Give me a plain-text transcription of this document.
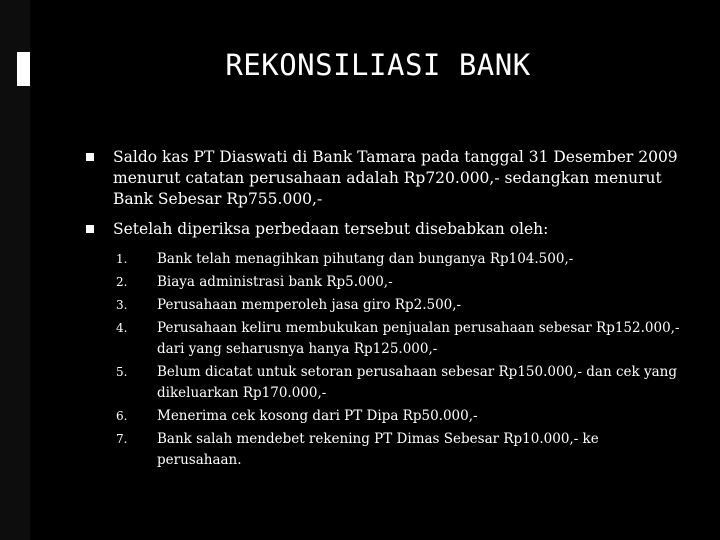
REKONSILIASI BANK
Saldo kas PT Diaswati di Bank Tamara pada tanggal 31 Desember 2009 menurut catatan perusahaan adalah Rp720.000,- sedangkan menurut Bank Sebesar Rp755.000,-
Setelah diperiksa perbedaan tersebut disebabkan oleh:
1. Bank telah menagihkan pihutang dan bunganya Rp104.500,-
2. Biaya administrasi bank Rp5.000,-
3. Perusahaan memperoleh jasa giro Rp2.500,-
4. Perusahaan keliru membukukan penjualan perusahaan sebesar Rp152.000,- dari yang seharusnya hanya Rp125.000,-
5. Belum dicatat untuk setoran perusahaan sebesar Rp150.000,- dan cek yang dikeluarkan Rp170.000,-
6. Menerima cek kosong dari PT Dipa Rp50.000,-
7. Bank salah mendebet rekening PT Dimas Sebesar Rp10.000,- ke perusahaan.
